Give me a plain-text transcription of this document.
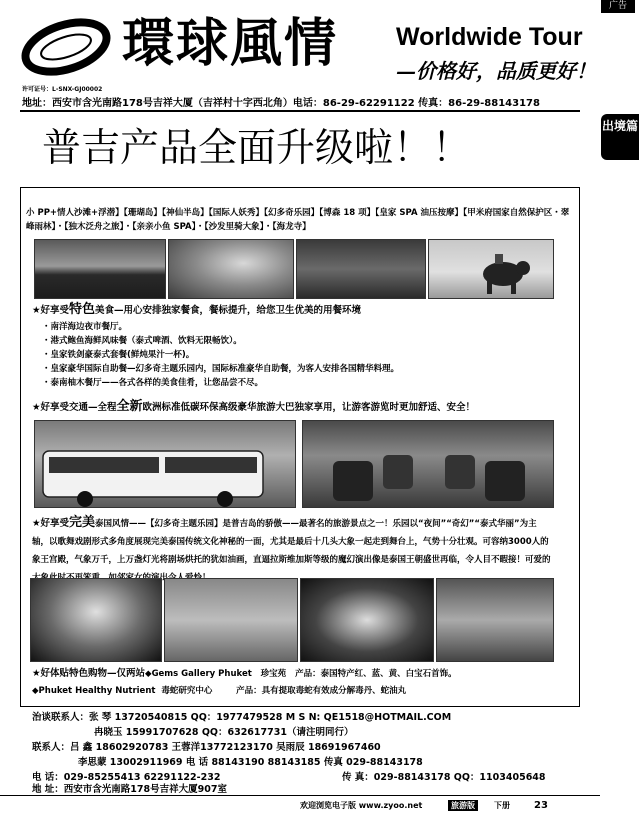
广告
出境篇
環球風情 Worldwide Tour
—价格好，品质更好！
许可证号：L-SNX-GJ00002
地址：西安市含光南路178号吉祥大厦（吉祥村十字西北角）电话：86-29-62291122 传真：86-29-88143178
普吉产品全面升级啦！！
小 PP+情人沙滩+浮潜】【珊瑚岛】【神仙半岛】【国际人妖秀】【幻多奇乐园】【博森 18 项】【皇家 SPA 油压按摩】【甲米府国家自然保护区・翠峰雨林】・【独木泛舟之旅】・【亲亲小鱼 SPA】・【沙发里骑大象】・【海龙寺】
★好享受特色美食—用心安排独家餐食，餐标提升，给您卫生优美的用餐环境
・南洋海边夜市餐厅。
・港式鲍鱼海鲜风味餐（泰式啤酒、饮料无限畅饮）。
・皇家铁剑豪泰式套餐(鲜炖果汁一杯)。
・皇家豪华国际自助餐—幻多奇主题乐园内，国际标准豪华自助餐，为客人安排各国精华料理。
・泰南柚木餐厅——各式各样的美食佳肴，让您品尝不尽。
★好享受交通—全程全新欧洲标准低碳环保高级豪华旅游大巴独家享用，让游客游览时更加舒适、安全！
★好享受完美泰国风情——【幻多奇主题乐园】是普吉岛的骄傲——最著名的旅游景点之一！乐园以“夜间”“奇幻”“泰式华丽”为主轴，以歌舞戏剧形式多角度展现完美泰国传统文化神秘的一面，尤其是最后十几头大象一起走到舞台上，气势十分壮观。可容纳3000人的象王宫殿，气象万千，上万盏灯光将剧场烘托的犹如油画，直逼拉斯维加斯等级的魔幻演出像是泰国王朝盛世再临，令人目不暇接！可爱的
★好体贴特色购物—仅两站◆Gems Gallery Phuket 珍宝苑 产品：泰国特产红、蓝、黄、白宝石首饰。
◆Phuket Healthy Nutrient 毒蛇研究中心	产品：具有提取毒蛇有效成分解毒丹、蛇油丸
治谈联系人：张 琴 13720540815 QQ：1977479528 M S N: QE1518@HOTMAIL.COM
冉晓玉 15991707628 QQ：632617731（请注明同行）
联系人：吕 鑫 18602920783 王蓉洋13772123170 吴雨辰 18691967460
李思蒙 13002911969 电 话 88143190 88143185 传真 029-88143178
电 话：029-85255413 62291122-232	传 真：029-88143178 QQ：1103405648
地 址：西安市含光南路178号吉祥大厦907室
欢迎浏览电子版 www.zyoo.net	旅游版	下册 23
